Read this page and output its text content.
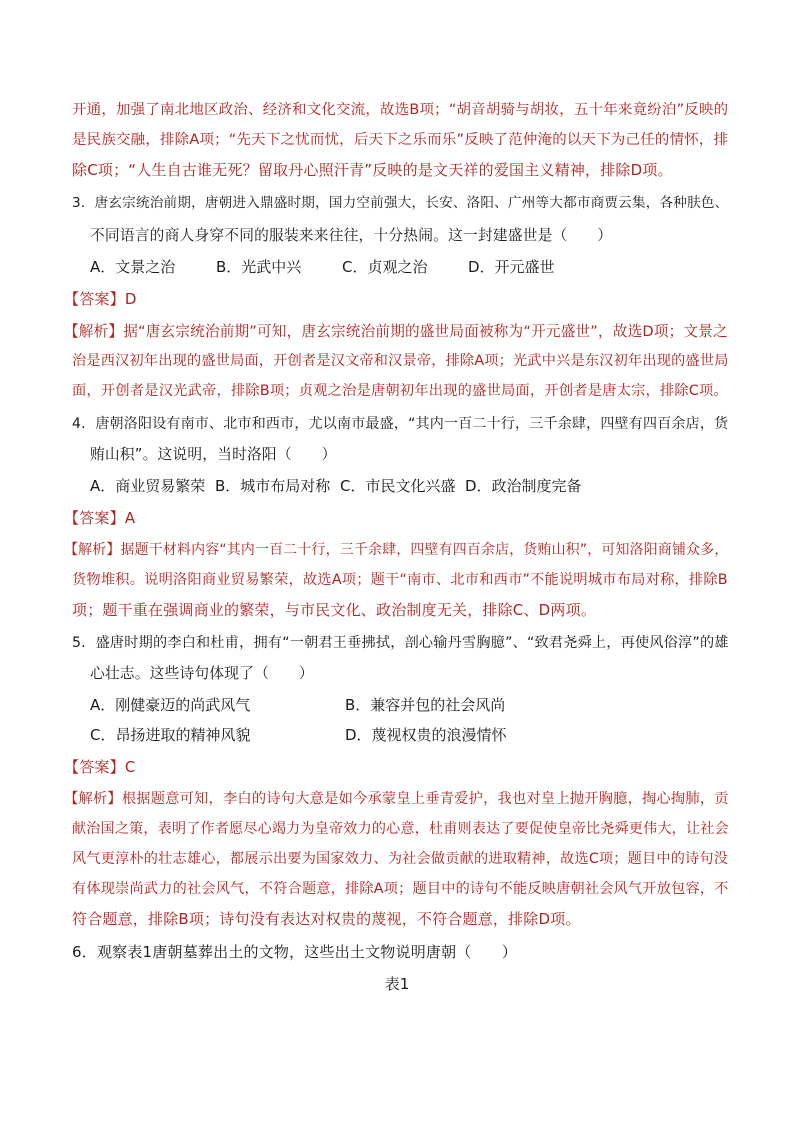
开通，加强了南北地区政治、经济和文化交流，故选B项；“胡音胡骑与胡妆，五十年来竟纷泊”反映的
是民族交融，排除A项；“先天下之忧而忧，后天下之乐而乐”反映了范仲淹的以天下为己任的情怀，排
除C项；“人生自古谁无死？留取丹心照汗青”反映的是文天祥的爱国主义精神，排除D项。
3．唐玄宗统治前期，唐朝进入鼎盛时期，国力空前强大，长安、洛阳、广州等大都市商贾云集，各种肤色、
不同语言的商人身穿不同的服装来来往往，十分热闹。这一封建盛世是（　　）
A．文景之治	B．光武中兴	C．贞观之治	D．开元盛世
【答案】D
【解析】据“唐玄宗统治前期”可知，唐玄宗统治前期的盛世局面被称为“开元盛世”，故选D项；文景之
治是西汉初年出现的盛世局面，开创者是汉文帝和汉景帝，排除A项；光武中兴是东汉初年出现的盛世局
面，开创者是汉光武帝，排除B项；贞观之治是唐朝初年出现的盛世局面，开创者是唐太宗，排除C项。
4．唐朝洛阳设有南市、北市和西市，尤以南市最盛，“其内一百二十行，三千余肆，四壁有四百余店，货
贿山积”。这说明，当时洛阳（　　）
A．商业贸易繁荣 B．城市布局对称 C．市民文化兴盛 D．政治制度完备
【答案】A
【解析】据题干材料内容“其内一百二十行，三千余肆，四壁有四百余店，货贿山积”，可知洛阳商铺众多，
货物堆积。说明洛阳商业贸易繁荣，故选A项；题干“南市、北市和西市”不能说明城市布局对称，排除B
项；题干重在强调商业的繁荣，与市民文化、政治制度无关，排除C、D两项。
5．盛唐时期的李白和杜甫，拥有“一朝君王垂拂拭，剖心输丹雪胸臆”、“致君尧舜上，再使风俗淳”的雄
心壮志。这些诗句体现了（　　）
A．刚健豪迈的尚武风气	B．兼容并包的社会风尚
C．昂扬进取的精神风貌	D．蔑视权贵的浪漫情怀
【答案】C
【解析】根据题意可知，李白的诗句大意是如今承蒙皇上垂青爱护，我也对皇上抛开胸臆，掏心掏肺，贡
献治国之策，表明了作者愿尽心竭力为皇帝效力的心意，杜甫则表达了要促使皇帝比尧舜更伟大，让社会
风气更淳朴的壮志雄心，都展示出要为国家效力、为社会做贡献的进取精神，故选C项；题目中的诗句没
有体现崇尚武力的社会风气，不符合题意，排除A项；题目中的诗句不能反映唐朝社会风气开放包容，不
符合题意，排除B项；诗句没有表达对权贵的蔑视，不符合题意，排除D项。
6．观察表1唐朝墓葬出土的文物，这些出土文物说明唐朝（　　）
表1
